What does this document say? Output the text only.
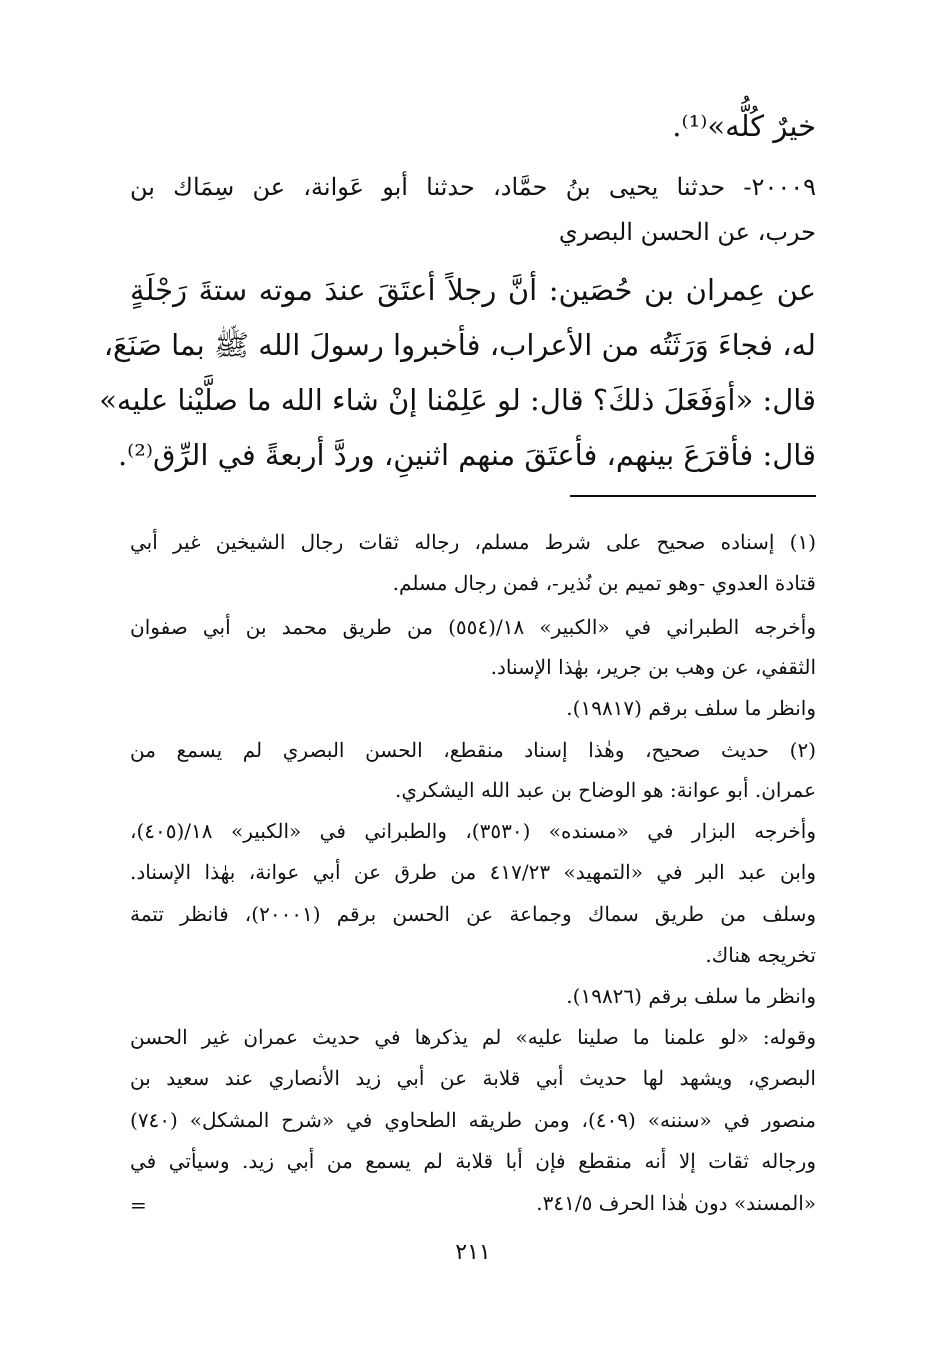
خيرٌ كُلُّه»⁽¹⁾.
٢٠٠٠٩- حدثنا يحيى بنُ حمَّاد، حدثنا أبو عَوانة، عن سِمَاك بن
حرب، عن الحسن البصري
عن عِمران بن حُصَين: أنَّ رجلاً أعتَقَ عندَ موته ستةَ رَجْلَةٍ
له، فجاءَ وَرَثَتُه من الأعراب، فأخبروا رسولَ الله ﷺ بما صَنَعَ،
قال: «أوَفَعَلَ ذلكَ؟ قال: لو عَلِمْنا إنْ شاء الله ما صلَّيْنا عليه»
قال: فأقرَعَ بينهم، فأعتَقَ منهم اثنينِ، وردَّ أربعةً في الرِّق⁽²⁾.
(١) إسناده صحيح على شرط مسلم، رجاله ثقات رجال الشيخين غير أبي
قتادة العدوي -وهو تميم بن نُذير-، فمن رجال مسلم.
وأخرجه الطبراني في «الكبير» ١٨/(٥٥٤) من طريق محمد بن أبي صفوان
الثقفي، عن وهب بن جرير، بهٰذا الإسناد.
وانظر ما سلف برقم (١٩٨١٧).
(٢) حديث صحيح، وهٰذا إسناد منقطع، الحسن البصري لم يسمع من
عمران. أبو عوانة: هو الوضاح بن عبد الله اليشكري.
وأخرجه البزار في «مسنده» (٣٥٣٠)، والطبراني في «الكبير» ١٨/(٤٠٥)،
وابن عبد البر في «التمهيد» ٤١٧/٢٣ من طرق عن أبي عوانة، بهٰذا الإسناد.
وسلف من طريق سماك وجماعة عن الحسن برقم (٢٠٠٠١)، فانظر تتمة
تخريجه هناك.
وانظر ما سلف برقم (١٩٨٢٦).
وقوله: «لو علمنا ما صلينا عليه» لم يذكرها في حديث عمران غير الحسن
البصري، ويشهد لها حديث أبي قلابة عن أبي زيد الأنصاري عند سعيد بن
منصور في «سننه» (٤٠٩)، ومن طريقه الطحاوي في «شرح المشكل» (٧٤٠)
ورجاله ثقات إلا أنه منقطع فإن أبا قلابة لم يسمع من أبي زيد. وسيأتي في
«المسند» دون هٰذا الحرف ٣٤١/٥.
=
٢١١
